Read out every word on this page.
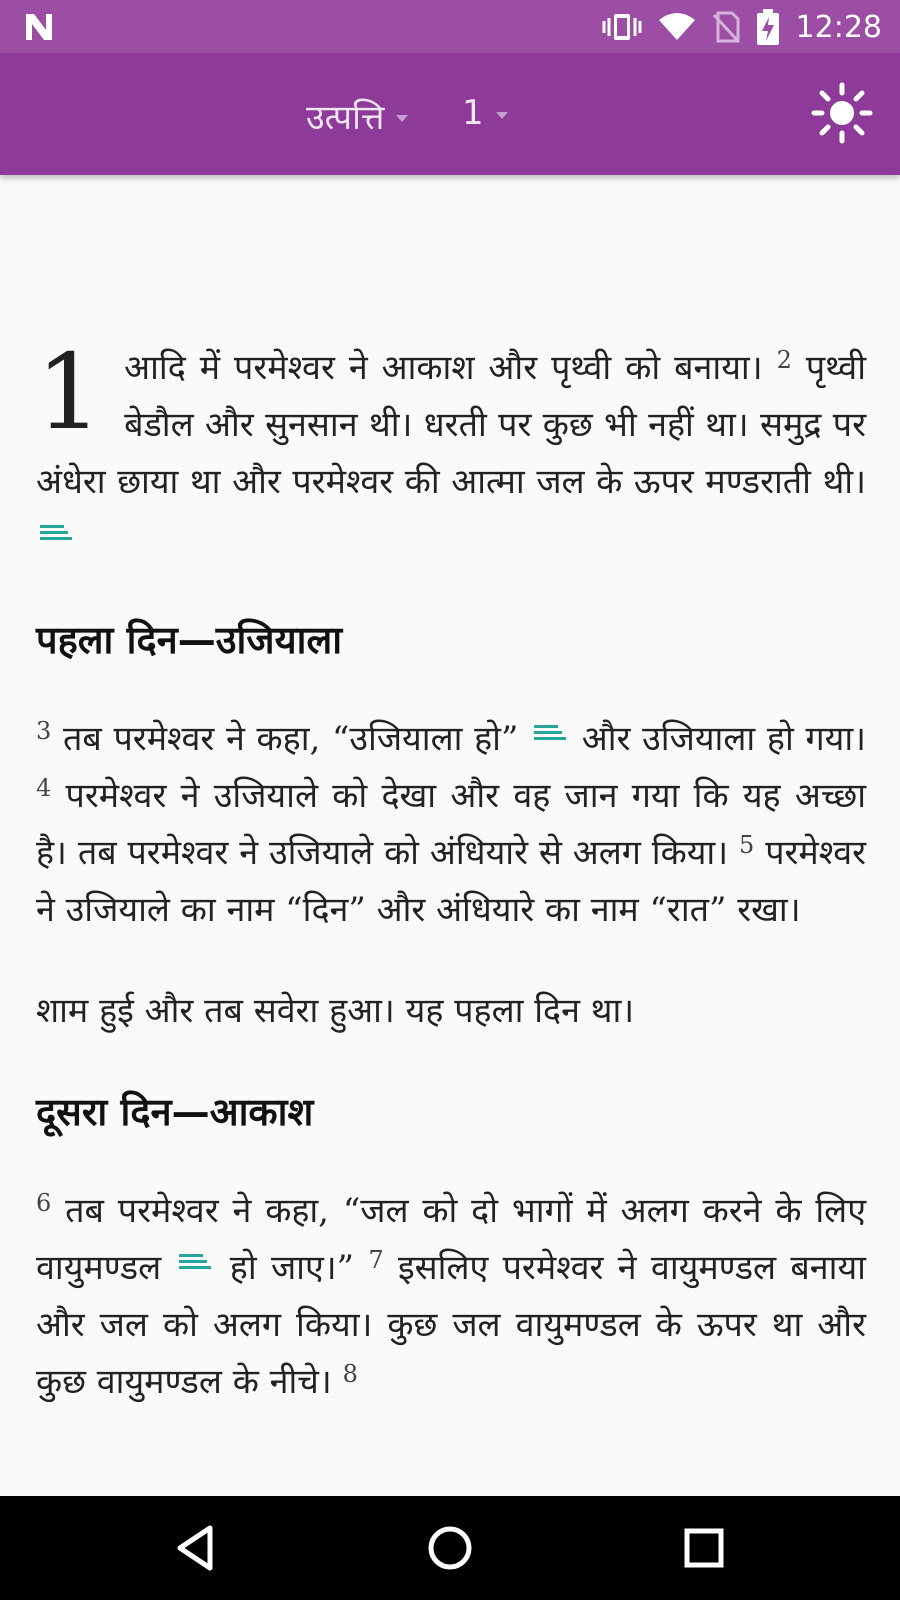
12:28
उत्पत्ति 1

1 आदि में परमेश्वर ने आकाश और पृथ्वी को बनाया। $^2$ पृथ्वी बेडौल और सुनसान थी। धरती पर कुछ भी नहीं था। समुद्र पर अंधेरा छाया था और परमेश्वर की आत्मा जल के ऊपर मण्डराती थी।

पहला दिन—उजियाला

$^3$ तब परमेश्वर ने कहा, “उजियाला हो” और उजियाला हो गया। $^4$ परमेश्वर ने उजियाले को देखा और वह जान गया कि यह अच्छा है। तब परमेश्वर ने उजियाले को अंधियारे से अलग किया। $^5$ परमेश्वर ने उजियाले का नाम “दिन” और अंधियारे का नाम “रात” रखा।

शाम हुई और तब सवेरा हुआ। यह पहला दिन था।

दूसरा दिन—आकाश

$^6$ तब परमेश्वर ने कहा, “जल को दो भागों में अलग करने के लिए वायुमण्डल हो जाए।” $^7$ इसलिए परमेश्वर ने वायुमण्डल बनाया और जल को अलग किया। कुछ जल वायुमण्डल के ऊपर था और कुछ वायुमण्डल के नीचे। $^8$
